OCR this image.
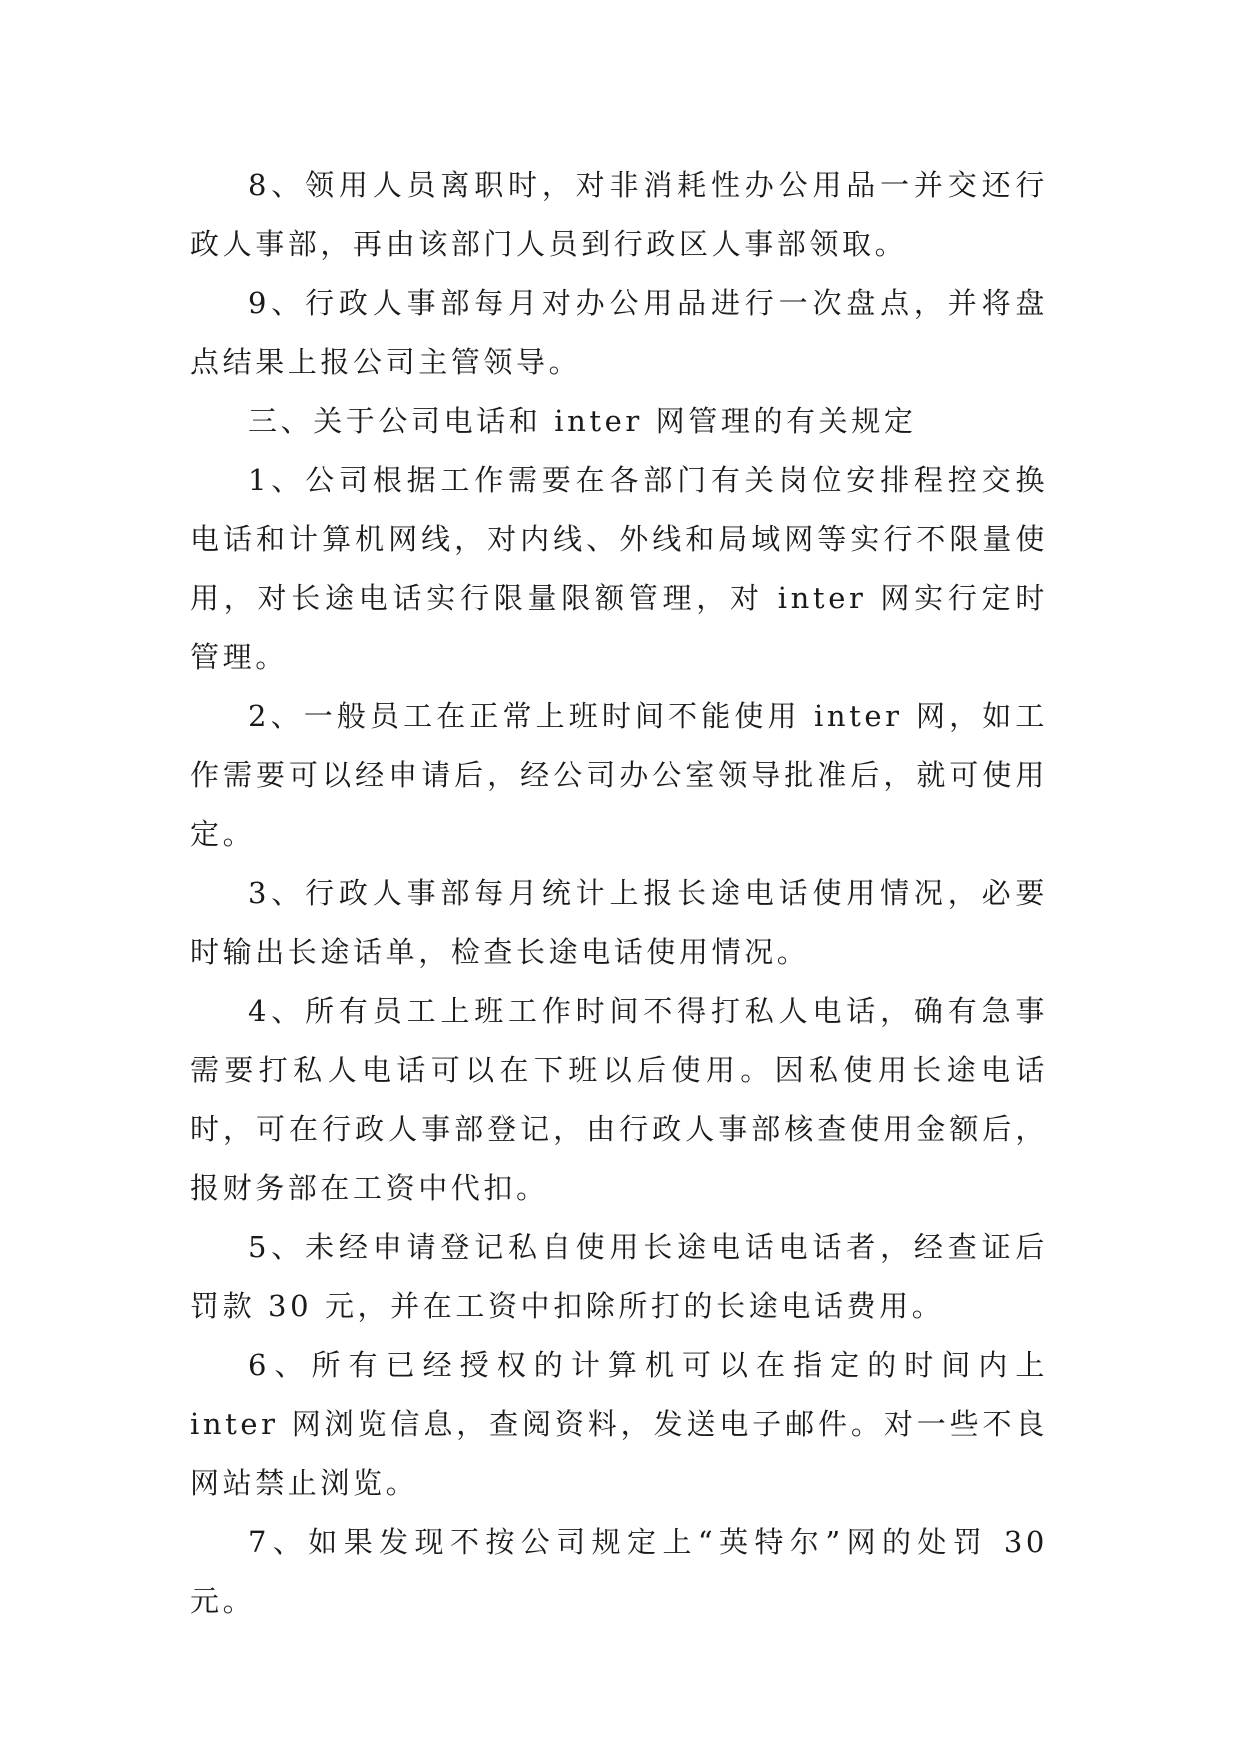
8、领用人员离职时，对非消耗性办公用品一并交还行政人事部，再由该部门人员到行政区人事部领取。

9、行政人事部每月对办公用品进行一次盘点，并将盘点结果上报公司主管领导。

三、关于公司电话和 inter 网管理的有关规定

1、公司根据工作需要在各部门有关岗位安排程控交换电话和计算机网线，对内线、外线和局域网等实行不限量使用，对长途电话实行限量限额管理，对 inter 网实行定时管理。

2、一般员工在正常上班时间不能使用 inter 网，如工作需要可以经申请后，经公司办公室领导批准后，就可使用定。

3、行政人事部每月统计上报长途电话使用情况，必要时输出长途话单，检查长途电话使用情况。

4、所有员工上班工作时间不得打私人电话，确有急事需要打私人电话可以在下班以后使用。因私使用长途电话时，可在行政人事部登记，由行政人事部核查使用金额后，报财务部在工资中代扣。

5、未经申请登记私自使用长途电话电话者，经查证后罚款 30 元，并在工资中扣除所打的长途电话费用。

6、所有已经授权的计算机可以在指定的时间内上 inter 网浏览信息，查阅资料，发送电子邮件。对一些不良网站禁止浏览。

7、如果发现不按公司规定上“英特尔”网的处罚 30 元。
